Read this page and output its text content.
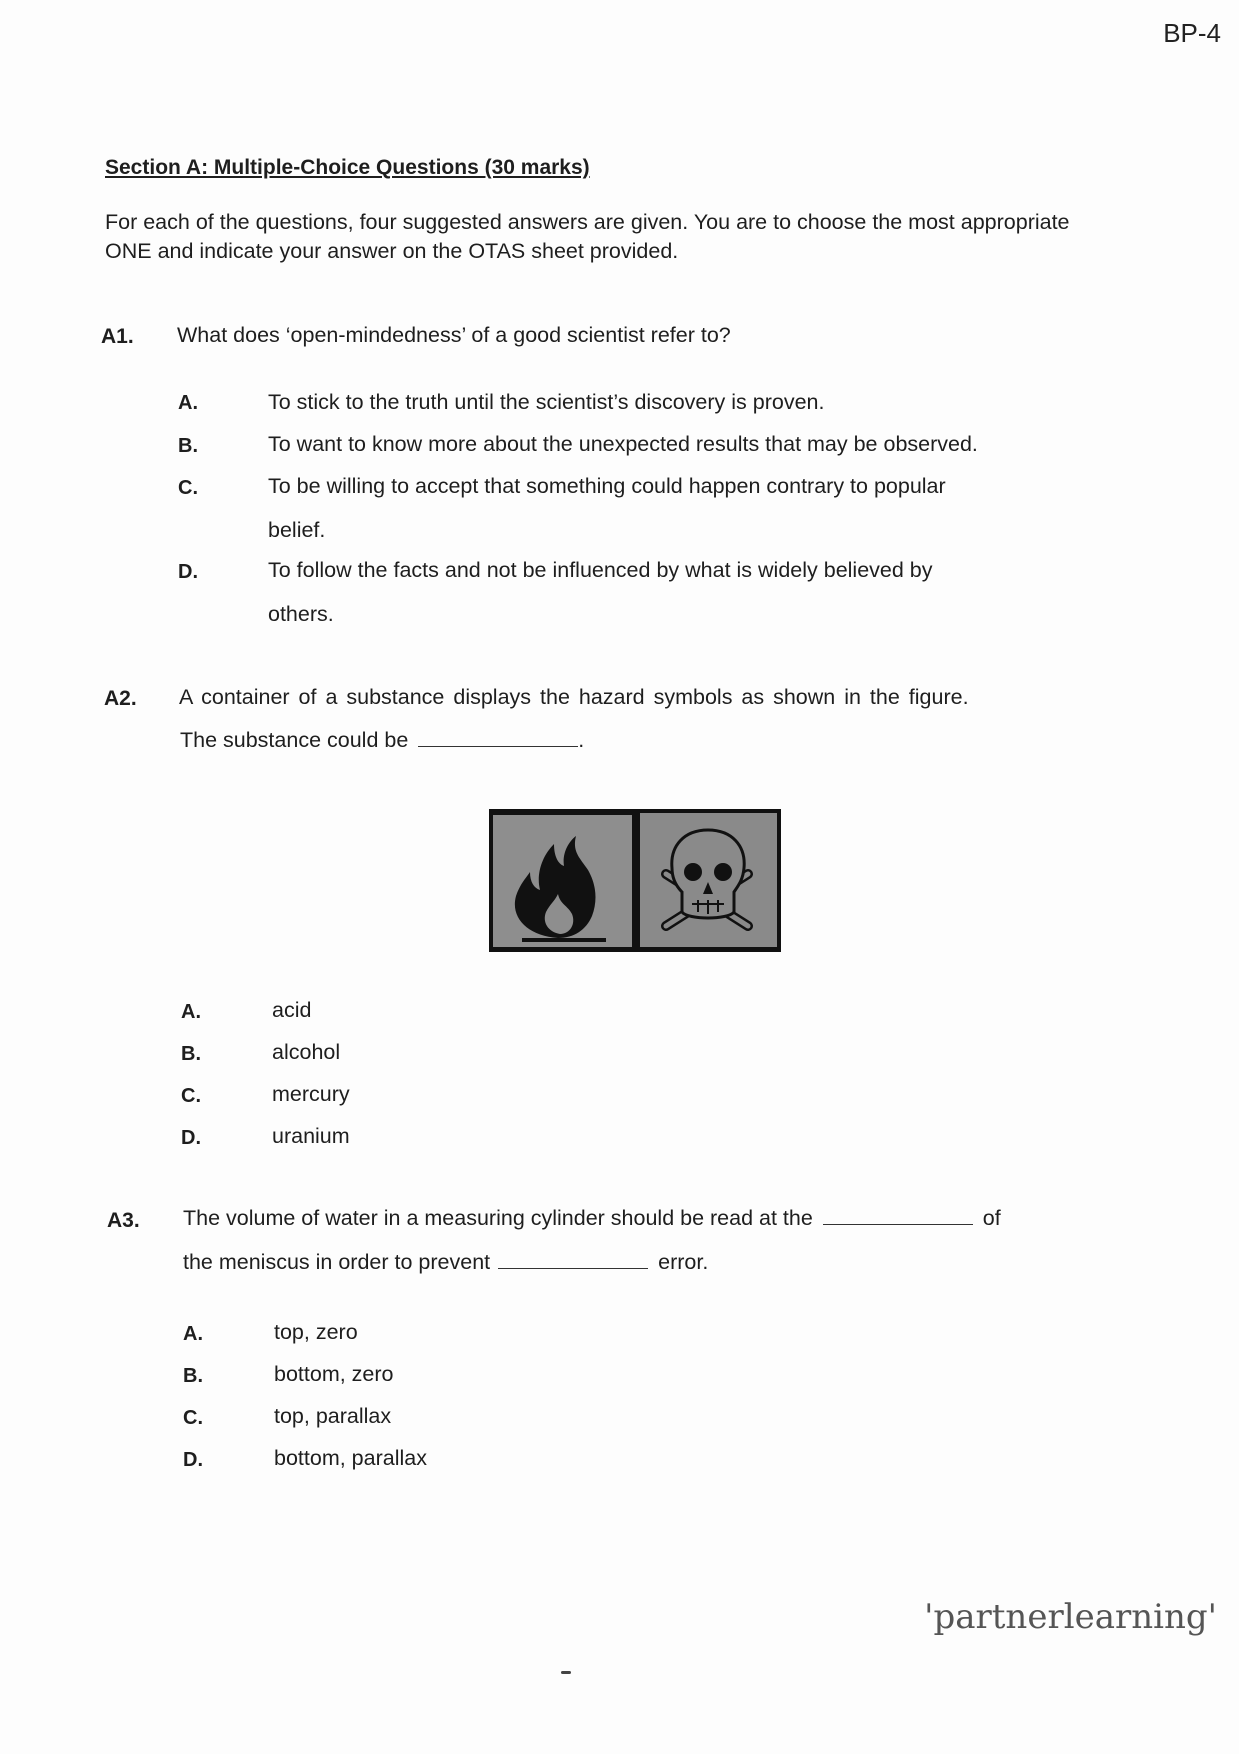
BP-4
Section A: Multiple-Choice Questions (30 marks)
For each of the questions, four suggested answers are given. You are to choose the most appropriate ONE and indicate your answer on the OTAS sheet provided.
A1. What does ‘open-mindedness’ of a good scientist refer to?
A.	To stick to the truth until the scientist’s discovery is proven.
B.	To want to know more about the unexpected results that may be observed.
C.	To be willing to accept that something could happen contrary to popular
belief.
D.	To follow the facts and not be influenced by what is widely believed by
others.
A2. A container of a substance displays the hazard symbols as shown in the figure.
The substance could be	.
A.	acid
B.	alcohol
C.	mercury
D.	uranium
A3. The volume of water in a measuring cylinder should be read at the	of
the meniscus in order to prevent	error.
A.	top, zero
B.	bottom, zero
C.	top, parallax
D.	bottom, parallax
'partnerlearning'
